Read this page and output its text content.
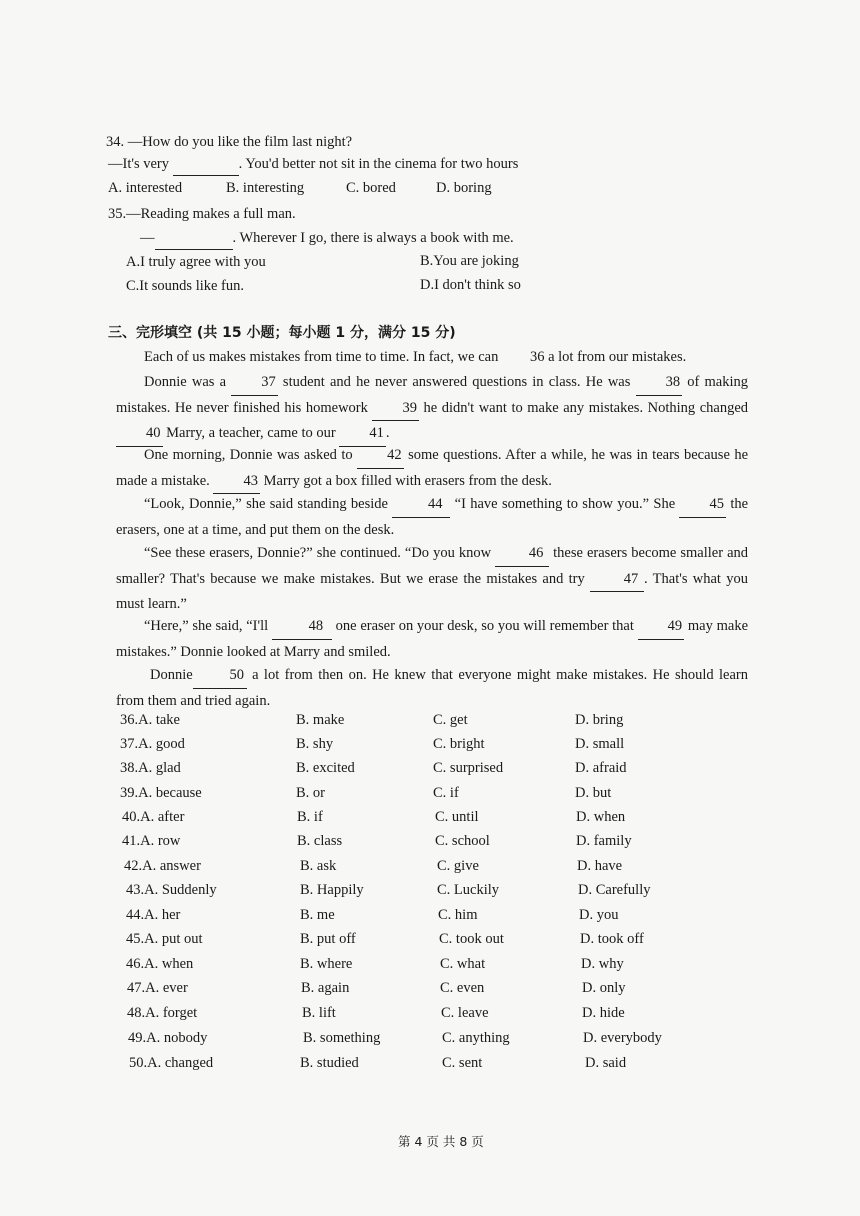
34. —How do you like the film last night?
—It's very	. You'd better not sit in the cinema for two hours
A. interested	B. interesting	C. bored	D. boring
35.—Reading makes a full man.
—	. Wherever I go, there is always a book with me.
A.I truly agree with you	B.You are joking
C.It sounds like fun.	D.I don't think so
三、完形填空 (共 15 小题；每小题 1 分，满分 15 分)
Each of us makes mistakes from time to time. In fact, we can 36 a lot from our mistakes.
Donnie was a 37 student and he never answered questions in class. He was 38 of making mistakes. He never finished his homework 39 he didn't want to make any mistakes. Nothing changed 40 Marry, a teacher, came to our 41 .
One morning, Donnie was asked to 42 some questions. After a while, he was in tears because he made a mistake. 43 Marry got a box filled with erasers from the desk.
“Look, Donnie,” she said standing beside	44 “I have something to show you.” She 45 the erasers, one at a time, and put them on the desk.
“See these erasers, Donnie?” she continued. “Do you know	46 these erasers become smaller and smaller? That's because we make mistakes. But we erase the mistakes and try	47 . That's what you must learn.”
“Here,” she said, “I'll	48 one eraser on your desk, so you will remember that 49 may make mistakes.” Donnie looked at Marry and smiled.
Donnie	50 a lot from then on. He knew that everyone might make mistakes. He should learn from them and tried again.
36.A. take	B. make	C. get	D. bring
37.A. good	B. shy	C. bright	D. small
38.A. glad	B. excited	C. surprised	D. afraid
39.A. because	B. or	C. if	D. but
40.A. after	B. if	C. until	D. when
41.A. row	B. class	C. school	D. family
42.A. answer	B. ask	C. give	D. have
43.A. Suddenly	B. Happily	C. Luckily	D. Carefully
44.A. her	B. me	C. him	D. you
45.A. put out	B. put off	C. took out	D. took off
46.A. when	B. where	C. what	D. why
47.A. ever	B. again	C. even	D. only
48.A. forget	B. lift	C. leave	D. hide
49.A. nobody	B. something	C. anything	D. everybody
50.A. changed	B. studied	C. sent	D. said
第 4 页 共 8 页
